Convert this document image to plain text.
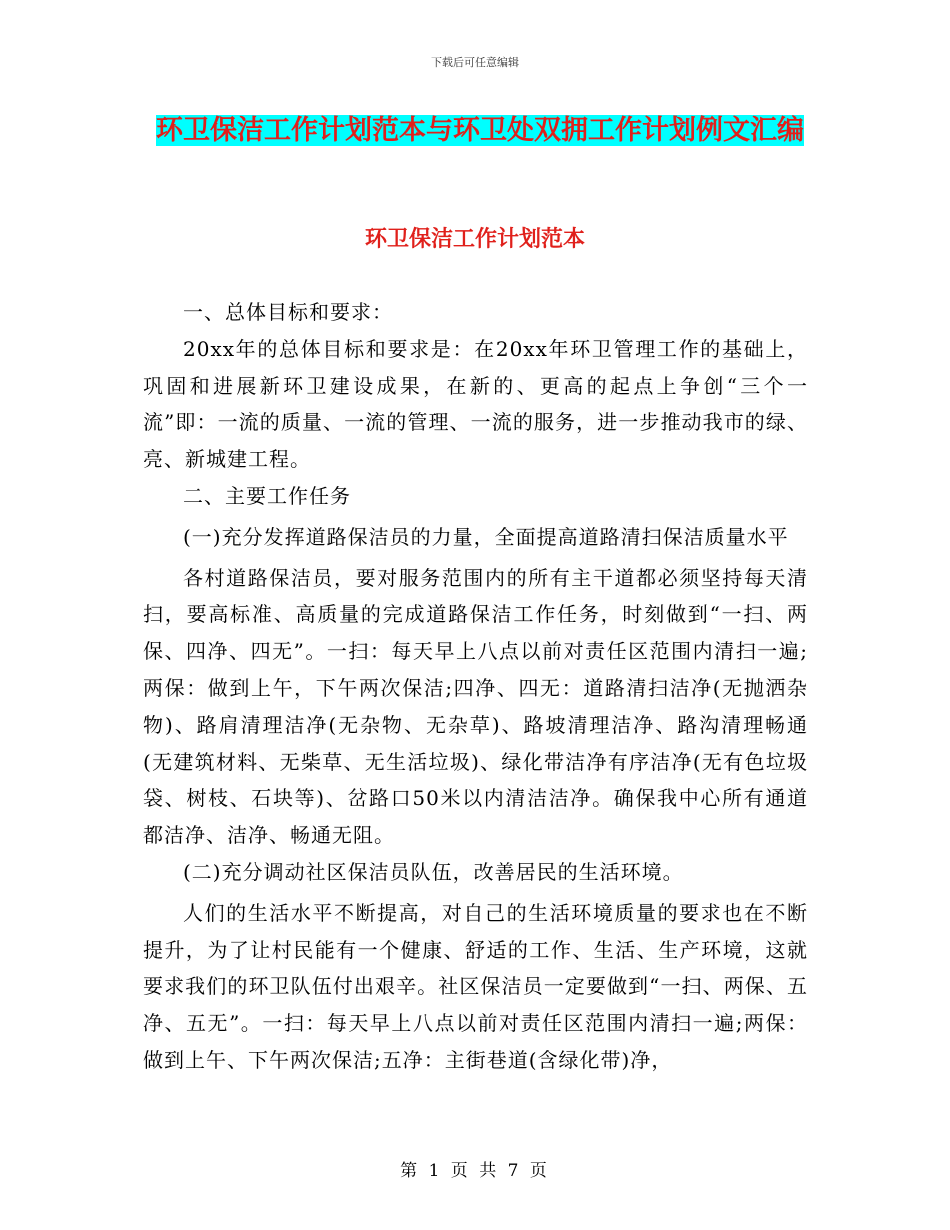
下载后可任意编辑
环卫保洁工作计划范本与环卫处双拥工作计划例文汇编
环卫保洁工作计划范本

一、总体目标和要求：

20xx年的总体目标和要求是：在20xx年环卫管理工作的基础上，巩固和进展新环卫建设成果，在新的、更高的起点上争创“三个一流”即：一流的质量、一流的管理、一流的服务，进一步推动我市的绿、亮、新城建工程。

二、主要工作任务

(一)充分发挥道路保洁员的力量，全面提高道路清扫保洁质量水平

各村道路保洁员，要对服务范围内的所有主干道都必须坚持每天清扫，要高标准、高质量的完成道路保洁工作任务，时刻做到“一扫、两保、四净、四无”。一扫：每天早上八点以前对责任区范围内清扫一遍;两保：做到上午，下午两次保洁;四净、四无：道路清扫洁净(无抛洒杂物)、路肩清理洁净(无杂物、无杂草)、路坡清理洁净、路沟清理畅通(无建筑材料、无柴草、无生活垃圾)、绿化带洁净有序洁净(无有色垃圾袋、树枝、石块等)、岔路口50米以内清洁洁净。确保我中心所有通道都洁净、洁净、畅通无阻。

(二)充分调动社区保洁员队伍，改善居民的生活环境。

人们的生活水平不断提高，对自己的生活环境质量的要求也在不断提升，为了让村民能有一个健康、舒适的工作、生活、生产环境，这就要求我们的环卫队伍付出艰辛。社区保洁员一定要做到“一扫、两保、五净、五无”。一扫：每天早上八点以前对责任区范围内清扫一遍;两保：做到上午、下午两次保洁;五净：主街巷道(含绿化带)净，

第 1 页 共 7 页
